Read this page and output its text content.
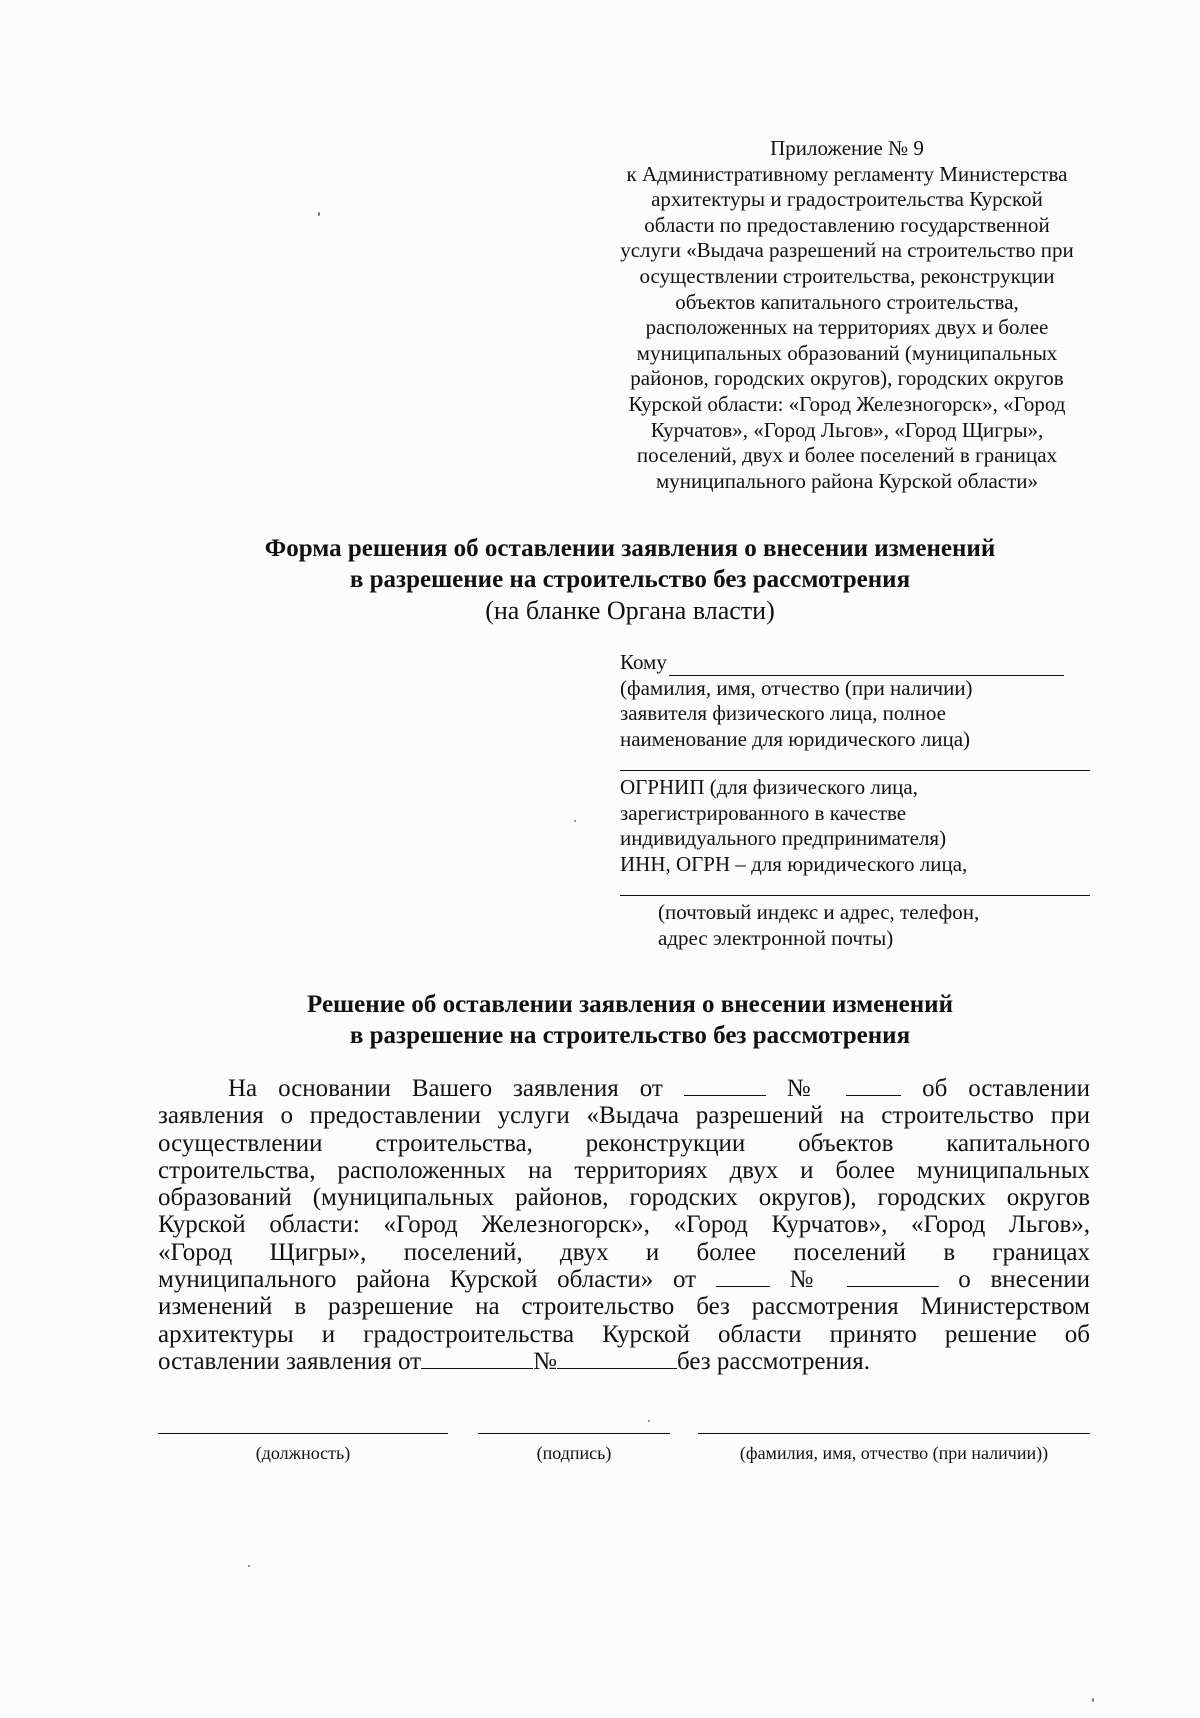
Приложение № 9
к Административному регламенту Министерства
архитектуры и градостроительства Курской
области по предоставлению государственной
услуги «Выдача разрешений на строительство при
осуществлении строительства, реконструкции
объектов капитального строительства,
расположенных на территориях двух и более
муниципальных образований (муниципальных
районов, городских округов), городских округов
Курской области: «Город Железногорск», «Город
Курчатов», «Город Льгов», «Город Щигры»,
поселений, двух и более поселений в границах
муниципального района Курской области»
Форма решения об оставлении заявления о внесении изменений
в разрешение на строительство без рассмотрения
(на бланке Органа власти)
Кому
(фамилия, имя, отчество (при наличии)
заявителя физического лица, полное
наименование для юридического лица)
ОГРНИП (для физического лица,
зарегистрированного в качестве
индивидуального предпринимателя)
ИНН, ОГРН – для юридического лица,
(почтовый индекс и адрес, телефон,
адрес электронной почты)
Решение об оставлении заявления о внесении изменений
в разрешение на строительство без рассмотрения
На основании Вашего заявления от	№	об оставлении
заявления о предоставлении услуги «Выдача разрешений на строительство при
осуществлении строительства, реконструкции объектов капитального
строительства, расположенных на территориях двух и более муниципальных
образований (муниципальных районов, городских округов), городских округов
Курской области: «Город Железногорск», «Город Курчатов», «Город Льгов»,
«Город Щигры», поселений, двух и более поселений в границах
муниципального района Курской области» от	№	о внесении
изменений в разрешение на строительство без рассмотрения Министерством
архитектуры и градостроительства Курской области принято решение об
оставлении заявления от	№	без рассмотрения.
(должность)	(подпись)	(фамилия, имя, отчество (при наличии))
